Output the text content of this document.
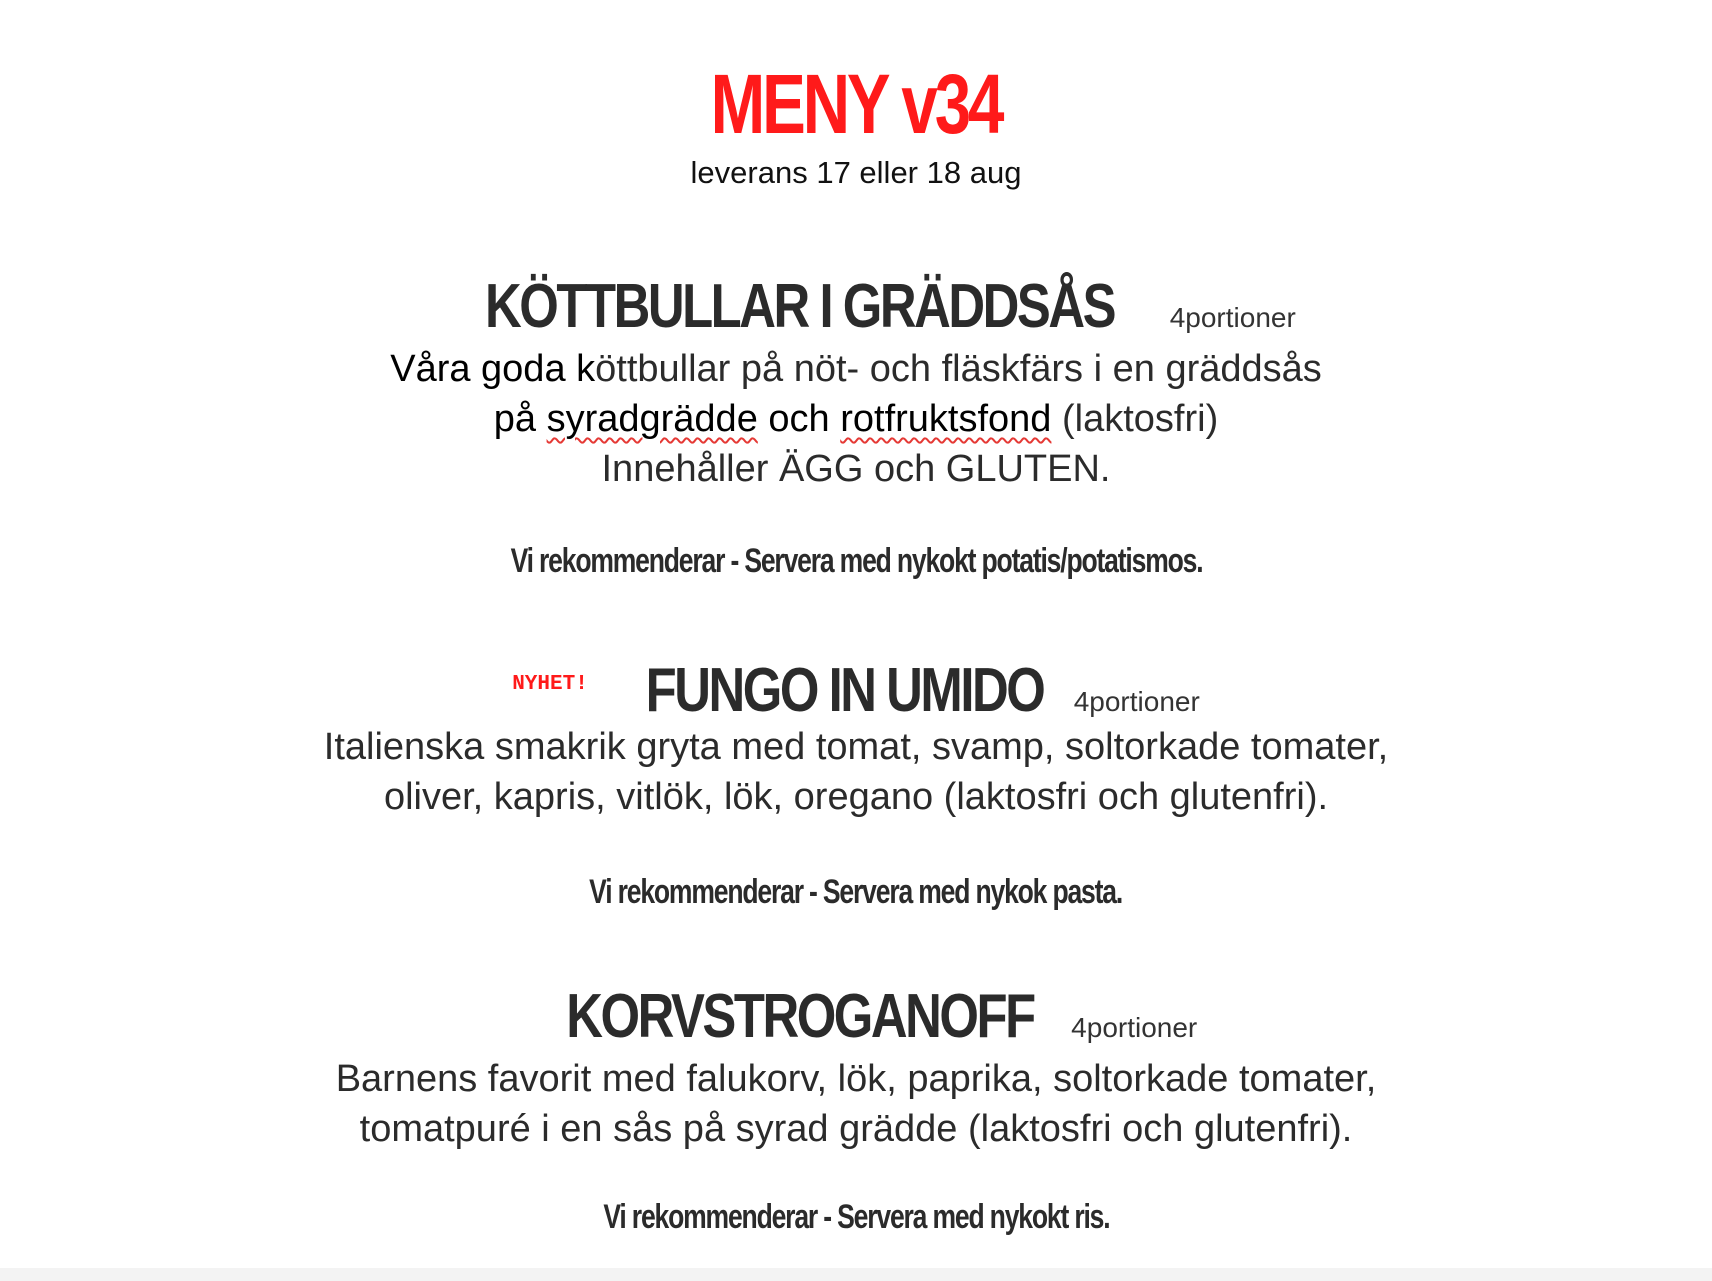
MENY v34
leverans 17 eller 18 aug
KÖTTBULLAR I GRÄDDSÅS 4portioner
Våra goda köttbullar på nöt- och fläskfärs i en gräddsås
på syradgrädde och rotfruktsfond (laktosfri)
Innehåller ÄGG och GLUTEN.
Vi rekommenderar - Servera med nykokt potatis/potatismos.
NYHET! FUNGO IN UMIDO 4portioner
Italienska smakrik gryta med tomat, svamp, soltorkade tomater,
oliver, kapris, vitlök, lök, oregano (laktosfri och glutenfri).
Vi rekommenderar - Servera med nykok pasta.
KORVSTROGANOFF 4portioner
Barnens favorit med falukorv, lök, paprika, soltorkade tomater,
tomatpuré i en sås på syrad grädde (laktosfri och glutenfri).
Vi rekommenderar - Servera med nykokt ris.
